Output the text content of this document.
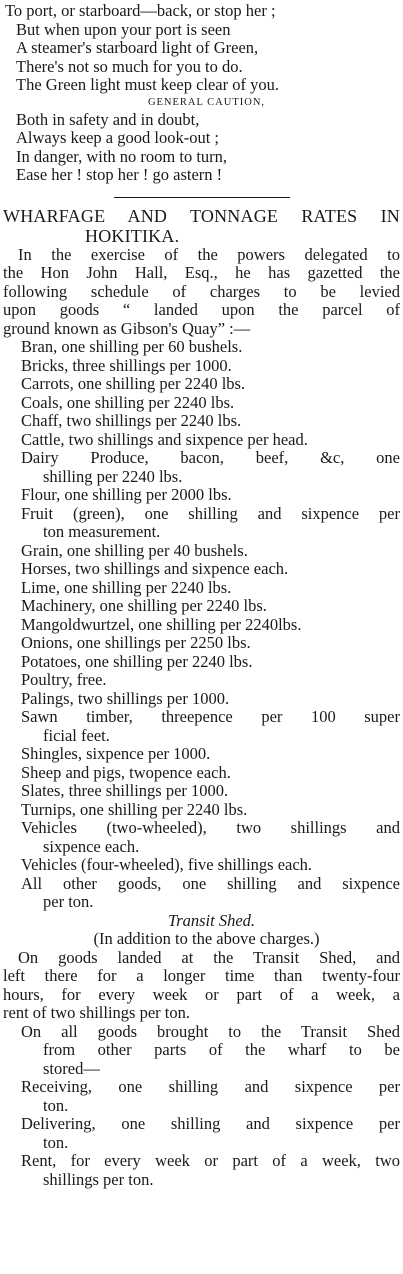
To port, or starboard—back, or stop her ;
But when upon your port is seen
A steamer's starboard light of Green,
There's not so much for you to do.
The Green light must keep clear of you.
GENERAL CAUTION,
Both in safety and in doubt,
Always keep a good look-out ;
In danger, with no room to turn,
Ease her ! stop her ! go astern !
WHARFAGE AND TONNAGE RATES IN
HOKITIKA.
In the exercise of the powers delegated to
the Hon John Hall, Esq., he has gazetted the
following schedule of charges to be levied
upon goods “ landed upon the parcel of
ground known as Gibson's Quay” :—
Bran, one shilling per 60 bushels.
Bricks, three shillings per 1000.
Carrots, one shilling per 2240 lbs.
Coals, one shilling per 2240 lbs.
Chaff, two shillings per 2240 lbs.
Cattle, two shillings and sixpence per head.
Dairy Produce, bacon, beef, &c, one
shilling per 2240 lbs.
Flour, one shilling per 2000 lbs.
Fruit (green), one shilling and sixpence per
ton measurement.
Grain, one shilling per 40 bushels.
Horses, two shillings and sixpence each.
Lime, one shilling per 2240 lbs.
Machinery, one shilling per 2240 lbs.
Mangoldwurtzel, one shilling per 2240lbs.
Onions, one shillings per 2250 lbs.
Potatoes, one shilling per 2240 lbs.
Poultry, free.
Palings, two shillings per 1000.
Sawn timber, threepence per 100 super
ficial feet.
Shingles, sixpence per 1000.
Sheep and pigs, twopence each.
Slates, three shillings per 1000.
Turnips, one shilling per 2240 lbs.
Vehicles (two-wheeled), two shillings and
sixpence each.
Vehicles (four-wheeled), five shillings each.
All other goods, one shilling and sixpence
per ton.
Transit Shed.
(In addition to the above charges.)
On goods landed at the Transit Shed, and
left there for a longer time than twenty-four
hours, for every week or part of a week, a
rent of two shillings per ton.
On all goods brought to the Transit Shed
from other parts of the wharf to be
stored—
Receiving, one shilling and sixpence per
ton.
Delivering, one shilling and sixpence per
ton.
Rent, for every week or part of a week, two
shillings per ton.
